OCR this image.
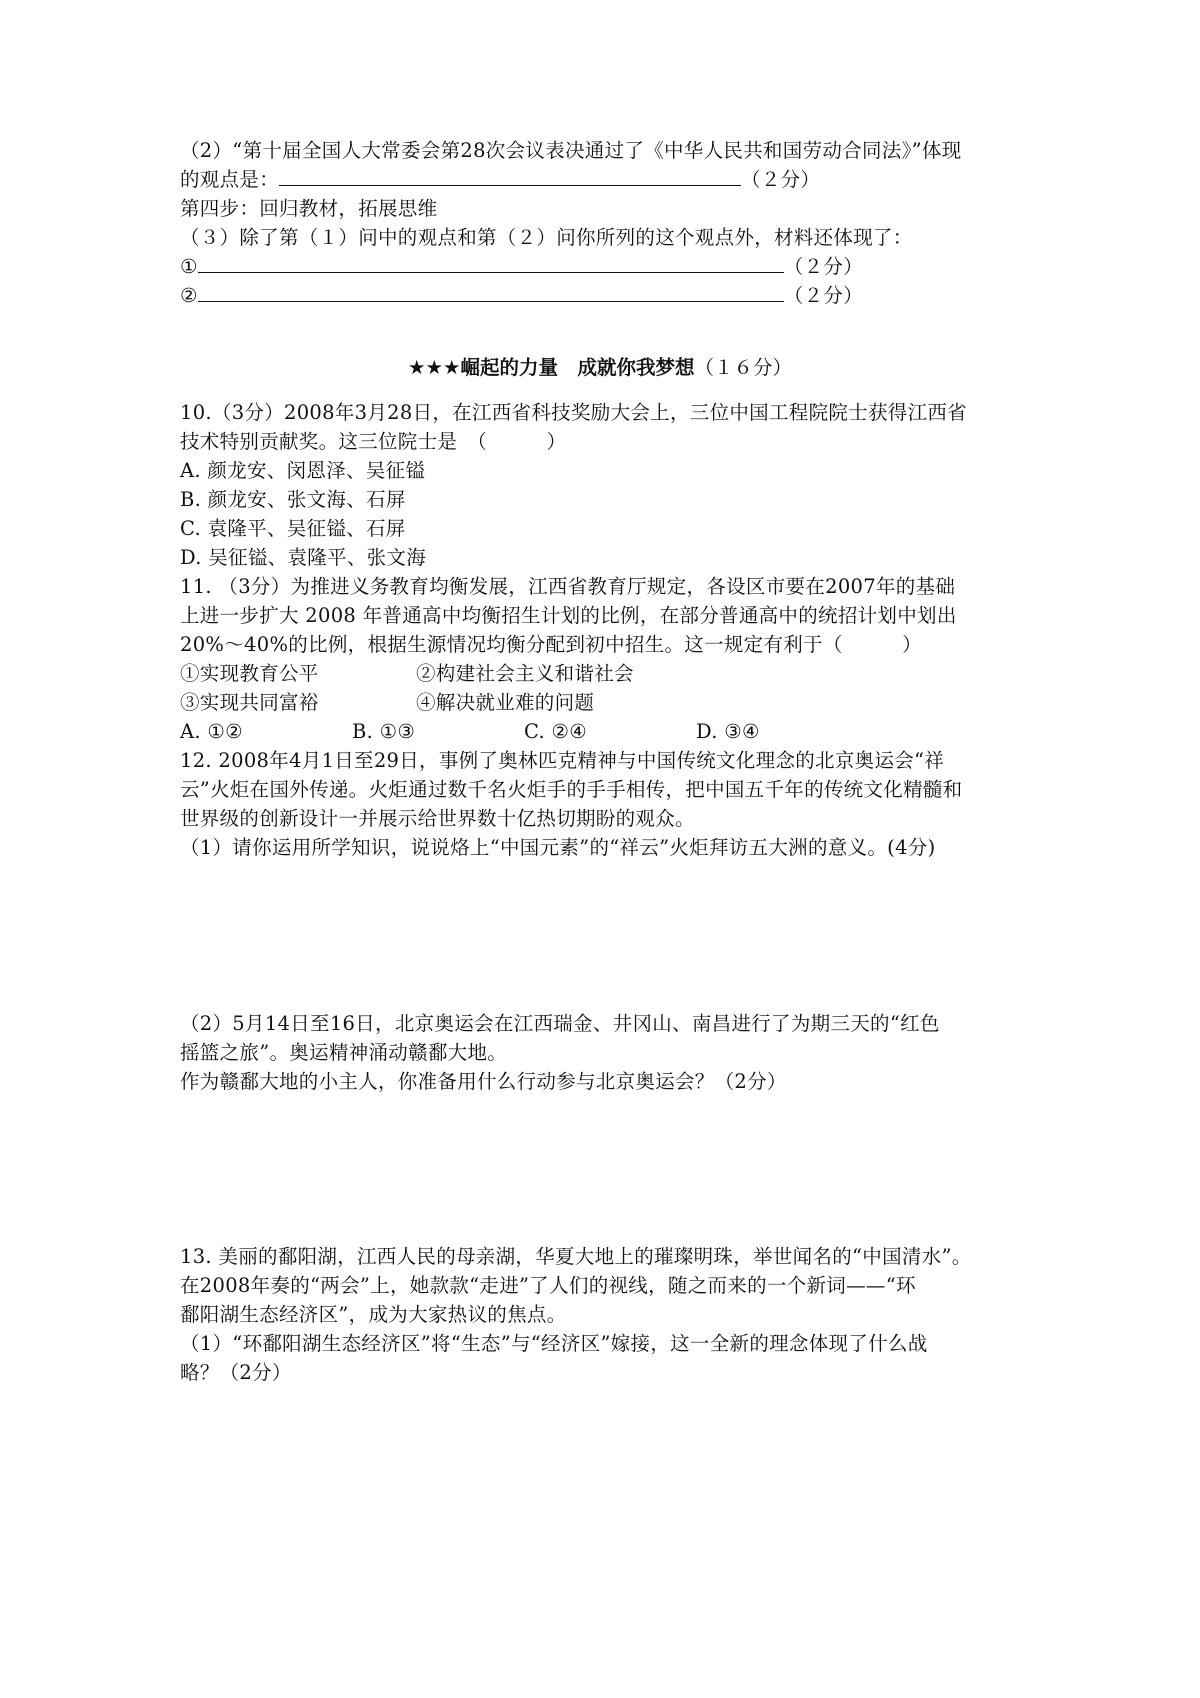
（2）“第十届全国人大常委会第28次会议表决通过了《中华人民共和国劳动合同法》”体现
的观点是：	（２分）
第四步：回归教材，拓展思维
（３）除了第（１）问中的观点和第（２）问你所列的这个观点外，材料还体现了：
①	（２分）
②	（２分）
★★★崛起的力量　成就你我梦想（１６分）
10.（3分）2008年3月28日，在江西省科技奖励大会上，三位中国工程院院士获得江西省
技术特别贡献奖。这三位院士是　（　　　）
A. 颜龙安、闵恩泽、吴征镒
B. 颜龙安、张文海、石屏
C. 袁隆平、吴征镒、石屏
D. 吴征镒、袁隆平、张文海
11. （3分）为推进义务教育均衡发展，江西省教育厅规定，各设区市要在2007年的基础
上进一步扩大 2008 年普通高中均衡招生计划的比例，在部分普通高中的统招计划中划出
20%～40%的比例，根据生源情况均衡分配到初中招生。这一规定有利于（　　　）
①实现教育公平	②构建社会主义和谐社会
③实现共同富裕	④解决就业难的问题
A. ①②	B. ①③	C. ②④	D. ③④
12. 2008年4月1日至29日，事例了奥林匹克精神与中国传统文化理念的北京奥运会“祥
云”火炬在国外传递。火炬通过数千名火炬手的手手相传，把中国五千年的传统文化精髓和
世界级的创新设计一并展示给世界数十亿热切期盼的观众。
（1）请你运用所学知识，说说烙上“中国元素”的“祥云”火炬拜访五大洲的意义。(4分)
（2）5月14日至16日，北京奥运会在江西瑞金、井冈山、南昌进行了为期三天的“红色
摇篮之旅”。奥运精神涌动赣鄱大地。
作为赣鄱大地的小主人，你准备用什么行动参与北京奥运会？（2分）
13. 美丽的鄱阳湖，江西人民的母亲湖，华夏大地上的璀璨明珠，举世闻名的“中国清水”。
在2008年奏的“两会”上，她款款“走进”了人们的视线，随之而来的一个新词——“环
鄱阳湖生态经济区”，成为大家热议的焦点。
（1）“环鄱阳湖生态经济区”将“生态”与“经济区”嫁接，这一全新的理念体现了什么战
略？（2分）
